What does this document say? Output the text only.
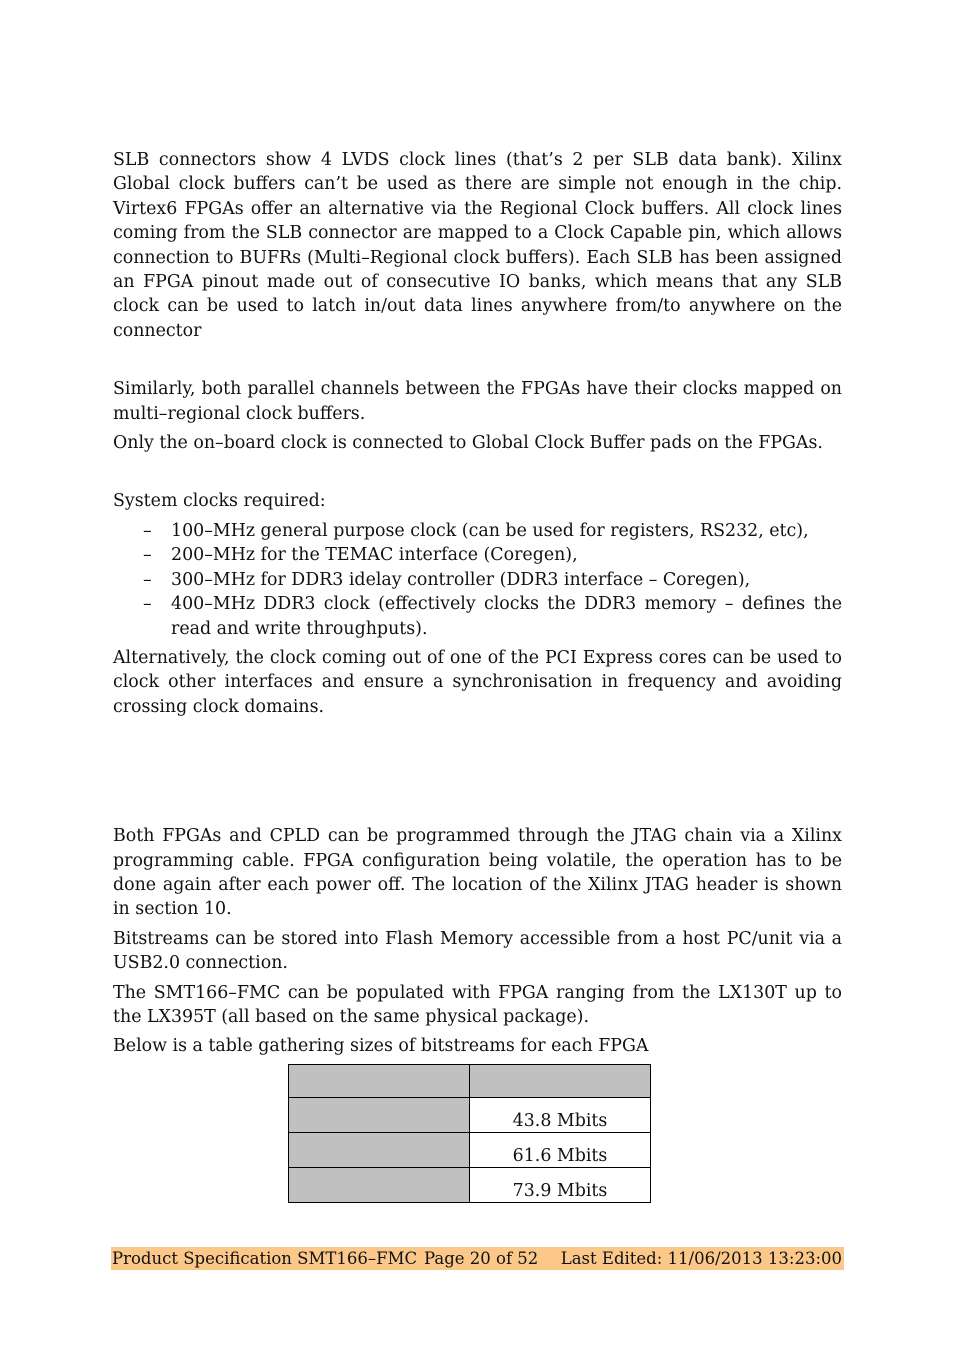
SLB connectors show 4 LVDS clock lines (that’s 2 per SLB data bank). Xilinx Global clock buffers can’t be used as there are simple not enough in the chip. Virtex6 FPGAs offer an alternative via the Regional Clock buffers. All clock lines coming from the SLB connector are mapped to a Clock Capable pin, which allows connection to BUFRs (Multi–Regional clock buffers). Each SLB has been assigned an FPGA pinout made out of consecutive IO banks, which means that any SLB clock can be used to latch in/out data lines anywhere from/to anywhere on the connector

Similarly, both parallel channels between the FPGAs have their clocks mapped on multi–regional clock buffers.

Only the on–board clock is connected to Global Clock Buffer pads on the FPGAs.

System clocks required:

– 100–MHz general purpose clock (can be used for registers, RS232, etc),
– 200–MHz for the TEMAC interface (Coregen),
– 300–MHz for DDR3 idelay controller (DDR3 interface – Coregen),
– 400–MHz DDR3 clock (effectively clocks the DDR3 memory – defines the read and write throughputs).

Alternatively, the clock coming out of one of the PCI Express cores can be used to clock other interfaces and ensure a synchronisation in frequency and avoiding crossing clock domains.

Both FPGAs and CPLD can be programmed through the JTAG chain via a Xilinx programming cable. FPGA configuration being volatile, the operation has to be done again after each power off. The location of the Xilinx JTAG header is shown in section 10.

Bitstreams can be stored into Flash Memory accessible from a host PC/unit via a USB2.0 connection.

The SMT166–FMC can be populated with FPGA ranging from the LX130T up to the LX395T (all based on the same physical package).

Below is a table gathering sizes of bitstreams for each FPGA

	43.8 Mbits
	61.6 Mbits
	73.9 Mbits
Product Specification SMT166–FMC Page 20 of 52 Last Edited: 11/06/2013 13:23:00
